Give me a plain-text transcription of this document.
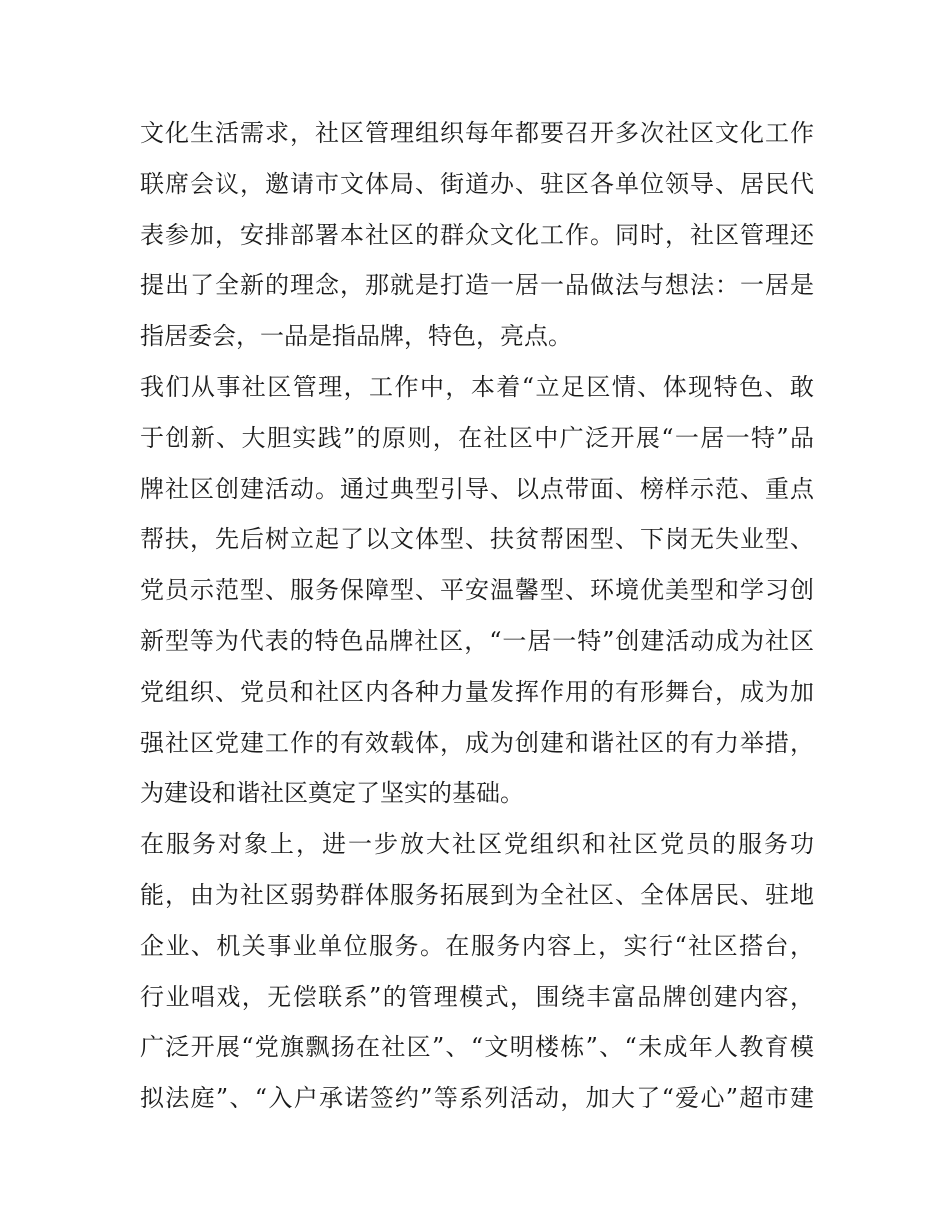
文化生活需求，社区管理组织每年都要召开多次社区文化工作
联席会议，邀请市文体局、街道办、驻区各单位领导、居民代
表参加，安排部署本社区的群众文化工作。同时，社区管理还
提出了全新的理念，那就是打造一居一品做法与想法：一居是
指居委会，一品是指品牌，特色，亮点。
我们从事社区管理，工作中，本着“立足区情、体现特色、敢
于创新、大胆实践”的原则，在社区中广泛开展“一居一特”品
牌社区创建活动。通过典型引导、以点带面、榜样示范、重点
帮扶，先后树立起了以文体型、扶贫帮困型、下岗无失业型、
党员示范型、服务保障型、平安温馨型、环境优美型和学习创
新型等为代表的特色品牌社区，“一居一特”创建活动成为社区
党组织、党员和社区内各种力量发挥作用的有形舞台，成为加
强社区党建工作的有效载体，成为创建和谐社区的有力举措，
为建设和谐社区奠定了坚实的基础。
在服务对象上，进一步放大社区党组织和社区党员的服务功
能，由为社区弱势群体服务拓展到为全社区、全体居民、驻地
企业、机关事业单位服务。在服务内容上，实行“社区搭台，
行业唱戏，无偿联系”的管理模式，围绕丰富品牌创建内容，
广泛开展“党旗飘扬在社区”、“文明楼栋”、“未成年人教育模
拟法庭”、“入户承诺签约”等系列活动，加大了“爱心”超市建
